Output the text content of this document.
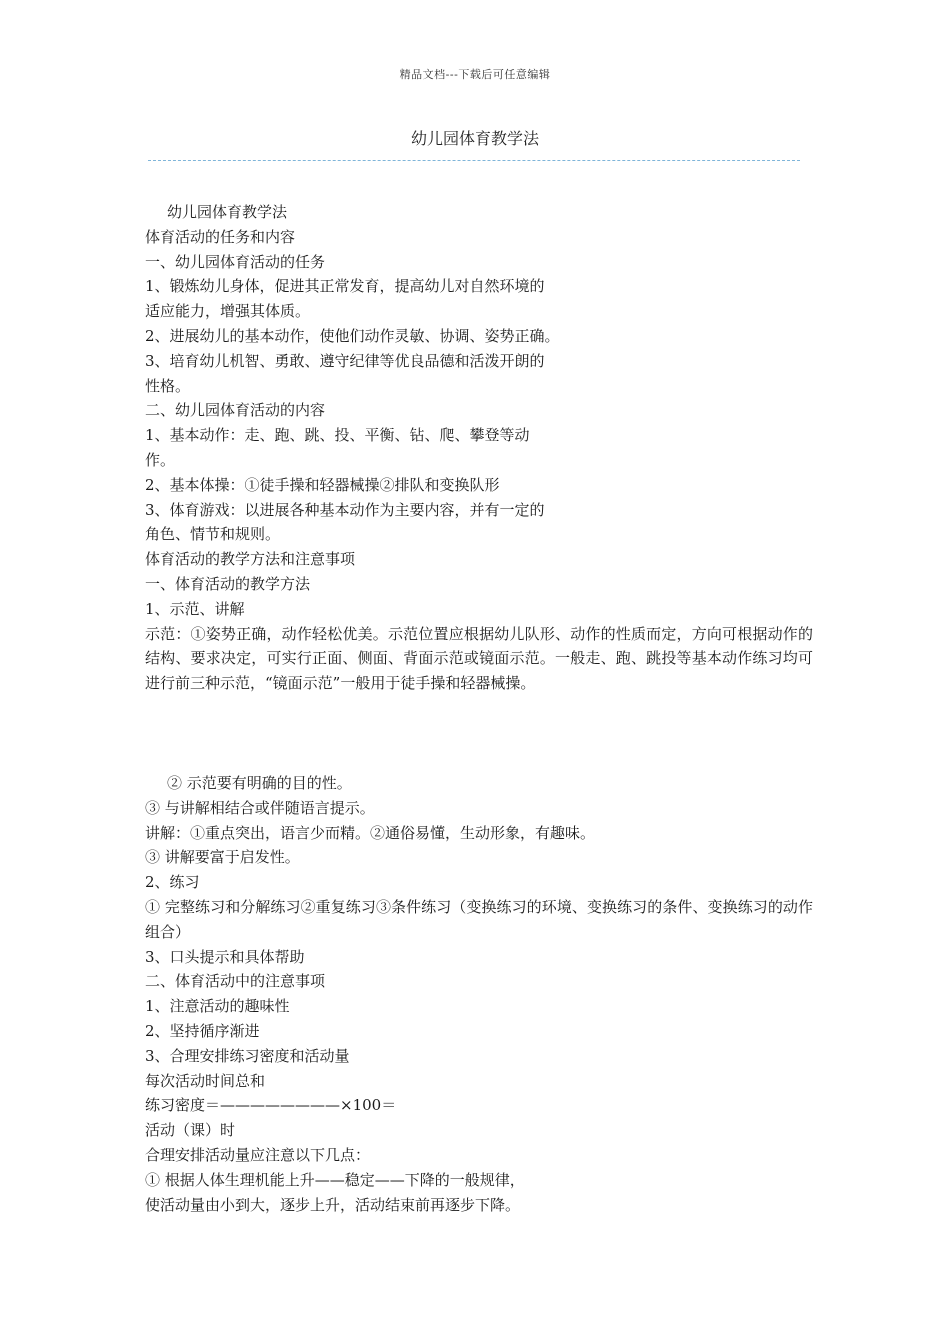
精品文档---下载后可任意编辑
幼儿园体育教学法

幼儿园体育教学法

体育活动的任务和内容

一、幼儿园体育活动的任务

1、锻炼幼儿身体，促进其正常发育，提高幼儿对自然环境的

适应能力，增强其体质。

2、进展幼儿的基本动作，使他们动作灵敏、协调、姿势正确。

3、培育幼儿机智、勇敢、遵守纪律等优良品德和活泼开朗的

性格。

二、幼儿园体育活动的内容

1、基本动作：走、跑、跳、投、平衡、钻、爬、攀登等动

作。

2、基本体操：①徒手操和轻器械操②排队和变换队形

3、体育游戏：以进展各种基本动作为主要内容，并有一定的

角色、情节和规则。

体育活动的教学方法和注意事项

一、体育活动的教学方法

1、示范、讲解

示范：①姿势正确，动作轻松优美。示范位置应根据幼儿队形、动作的性质而定，方向可根据动作的结构、要求决定，可实行正面、侧面、背面示范或镜面示范。一般走、跑、跳投等基本动作练习均可进行前三种示范，“镜面示范”一般用于徒手操和轻器械操。

② 示范要有明确的目的性。

③ 与讲解相结合或伴随语言提示。

讲解：①重点突出，语言少而精。②通俗易懂，生动形象，有趣味。

③ 讲解要富于启发性。

2、练习

① 完整练习和分解练习②重复练习③条件练习（变换练习的环境、变换练习的条件、变换练习的动作组合）

3、口头提示和具体帮助

二、体育活动中的注意事项

1、注意活动的趣味性

2、坚持循序渐进

3、合理安排练习密度和活动量

每次活动时间总和

练习密度＝————————×100＝

活动（课）时

合理安排活动量应注意以下几点：

① 根据人体生理机能上升——稳定——下降的一般规律，

使活动量由小到大，逐步上升，活动结束前再逐步下降。
